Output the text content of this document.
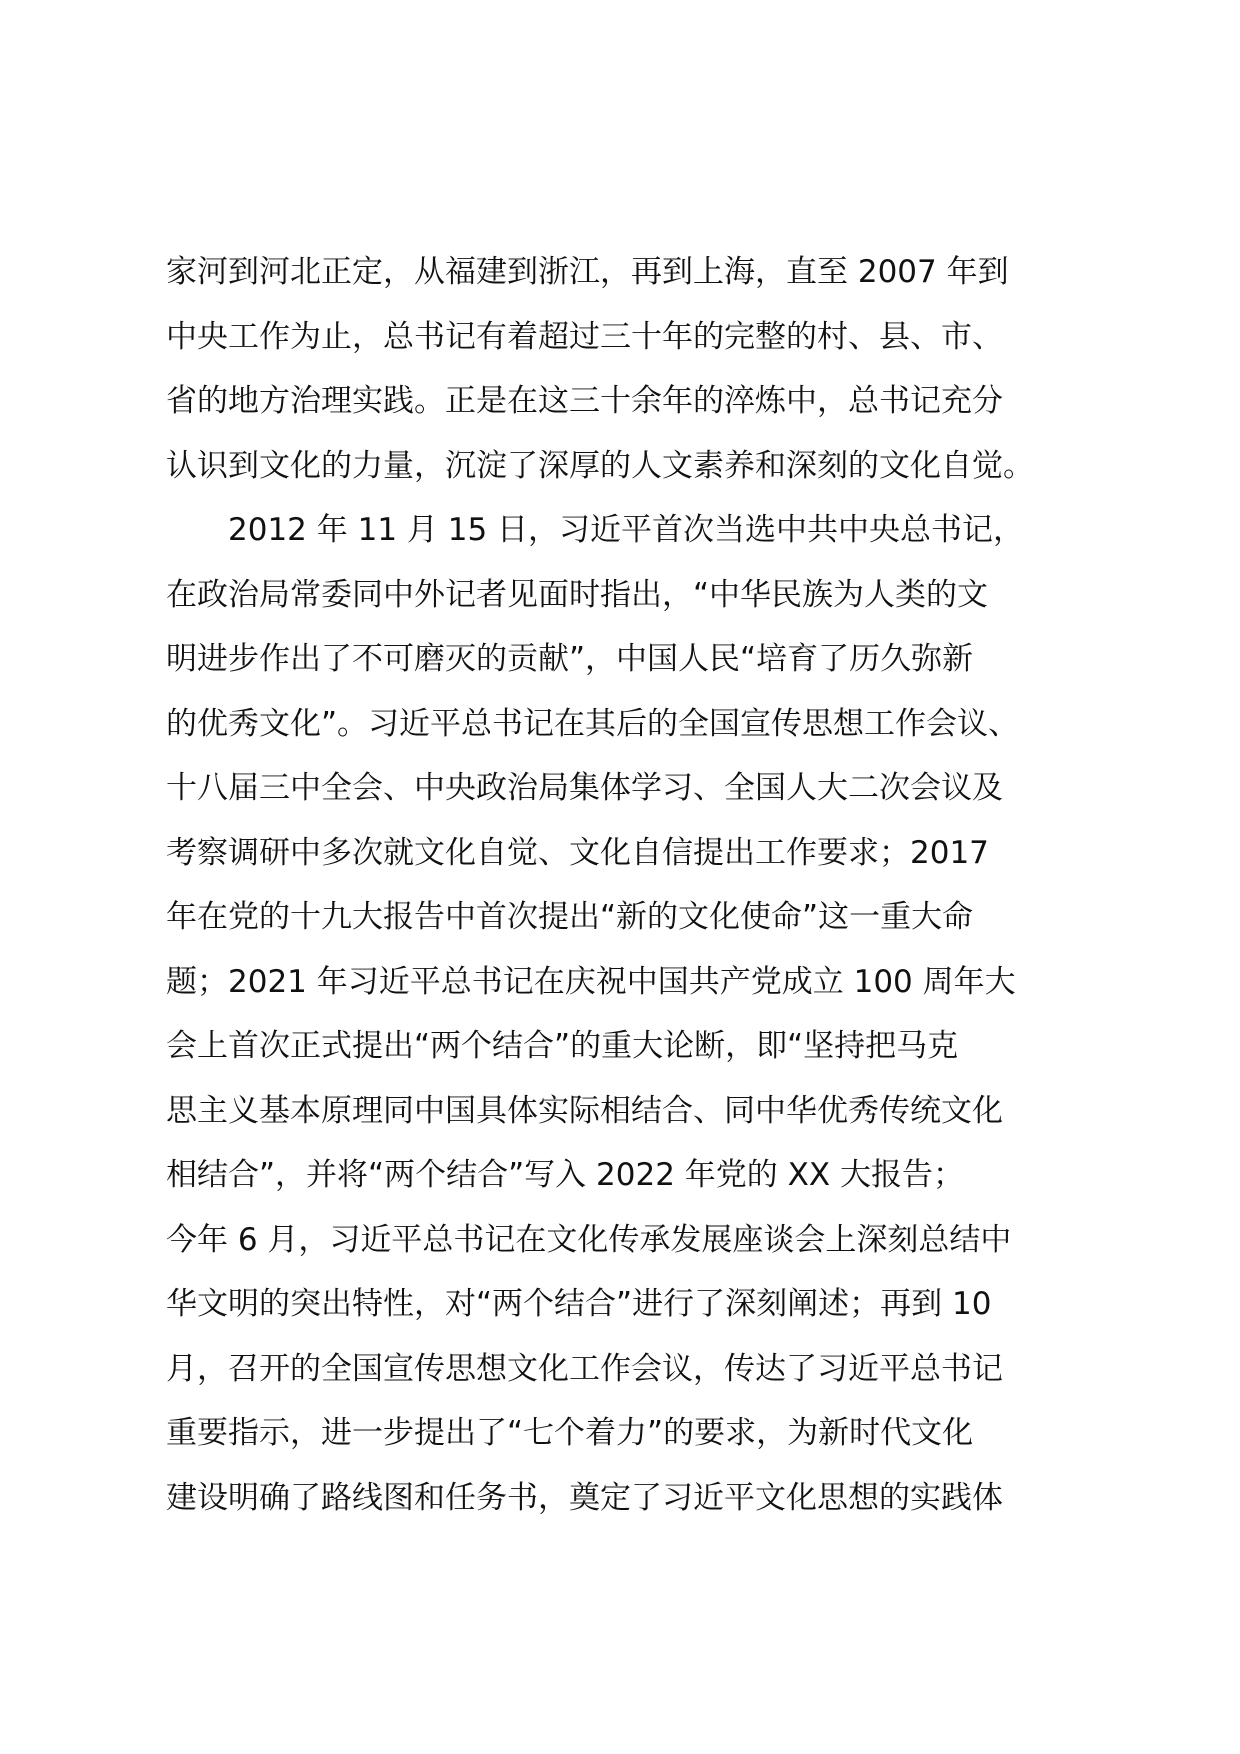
家河到河北正定，从福建到浙江，再到上海，直至 2007 年到
中央工作为止，总书记有着超过三十年的完整的村、县、市、
省的地方治理实践。正是在这三十余年的淬炼中，总书记充分
认识到文化的力量，沉淀了深厚的人文素养和深刻的文化自觉。
2012 年 11 月 15 日，习近平首次当选中共中央总书记，
在政治局常委同中外记者见面时指出，“中华民族为人类的文
明进步作出了不可磨灭的贡献”，中国人民“培育了历久弥新
的优秀文化”。习近平总书记在其后的全国宣传思想工作会议、
十八届三中全会、中央政治局集体学习、全国人大二次会议及
考察调研中多次就文化自觉、文化自信提出工作要求；2017
年在党的十九大报告中首次提出“新的文化使命”这一重大命
题；2021 年习近平总书记在庆祝中国共产党成立 100 周年大
会上首次正式提出“两个结合”的重大论断，即“坚持把马克
思主义基本原理同中国具体实际相结合、同中华优秀传统文化
相结合”，并将“两个结合”写入 2022 年党的 XX 大报告；
今年 6 月，习近平总书记在文化传承发展座谈会上深刻总结中
华文明的突出特性，对“两个结合”进行了深刻阐述；再到 10
月，召开的全国宣传思想文化工作会议，传达了习近平总书记
重要指示，进一步提出了“七个着力”的要求，为新时代文化
建设明确了路线图和任务书，奠定了习近平文化思想的实践体
